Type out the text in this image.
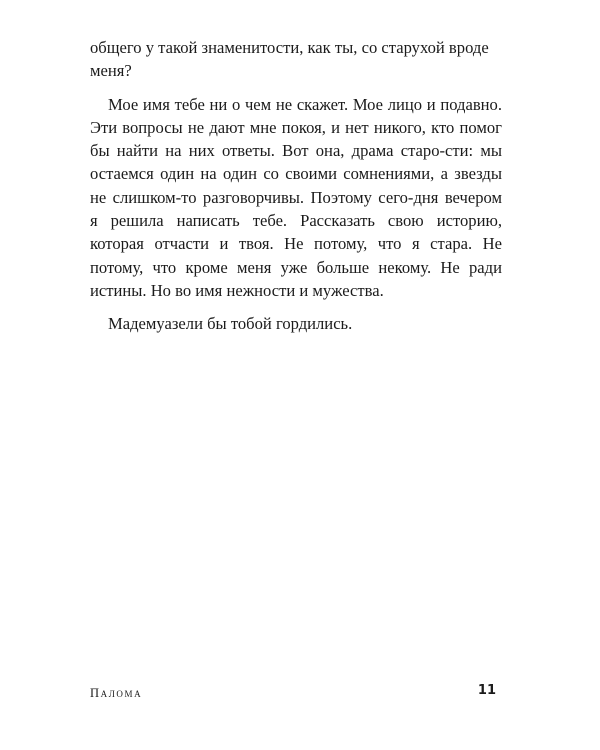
общего у такой знаменитости, как ты, со старухой вроде меня?

Мое имя тебе ни о чем не скажет. Мое лицо и подавно. Эти вопросы не дают мне покоя, и нет никого, кто помог бы найти на них ответы. Вот она, драма старо-сти: мы остаемся один на один со своими сомнениями, а звезды не слишком-то разговорчивы. Поэтому сего-дня вечером я решила написать тебе. Рассказать свою историю, которая отчасти и твоя. Не потому, что я стара. Не потому, что кроме меня уже больше некому. Не ради истины. Но во имя нежности и мужества.

Мадемуазели бы тобой гордились.

Палома	11
